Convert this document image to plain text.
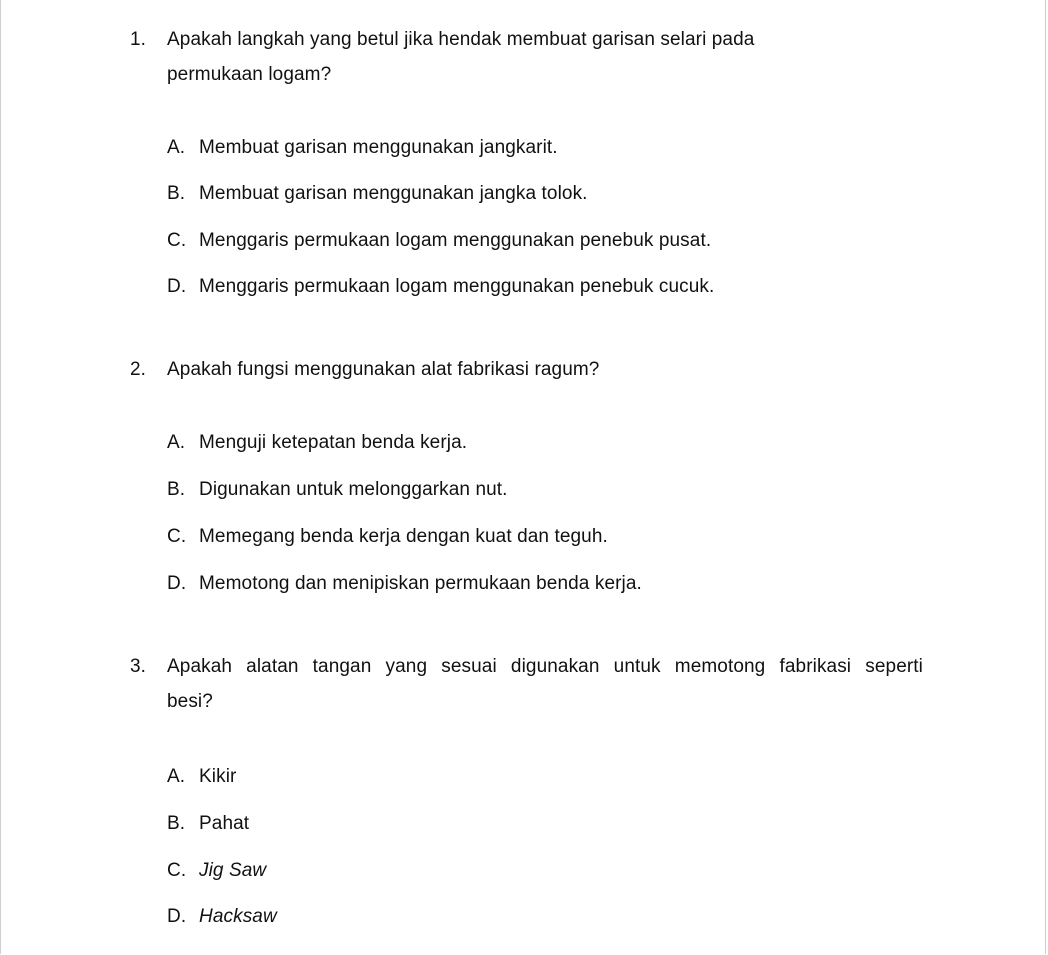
1. Apakah langkah yang betul jika hendak membuat garisan selari pada
permukaan logam?
A. Membuat garisan menggunakan jangkarit.
B. Membuat garisan menggunakan jangka tolok.
C. Menggaris permukaan logam menggunakan penebuk pusat.
D. Menggaris permukaan logam menggunakan penebuk cucuk.
2. Apakah fungsi menggunakan alat fabrikasi ragum?
A. Menguji ketepatan benda kerja.
B. Digunakan untuk melonggarkan nut.
C. Memegang benda kerja dengan kuat dan teguh.
D. Memotong dan menipiskan permukaan benda kerja.
3. Apakah alatan tangan yang sesuai digunakan untuk memotong fabrikasi seperti
besi?
A. Kikir
B. Pahat
C. Jig Saw
D. Hacksaw
